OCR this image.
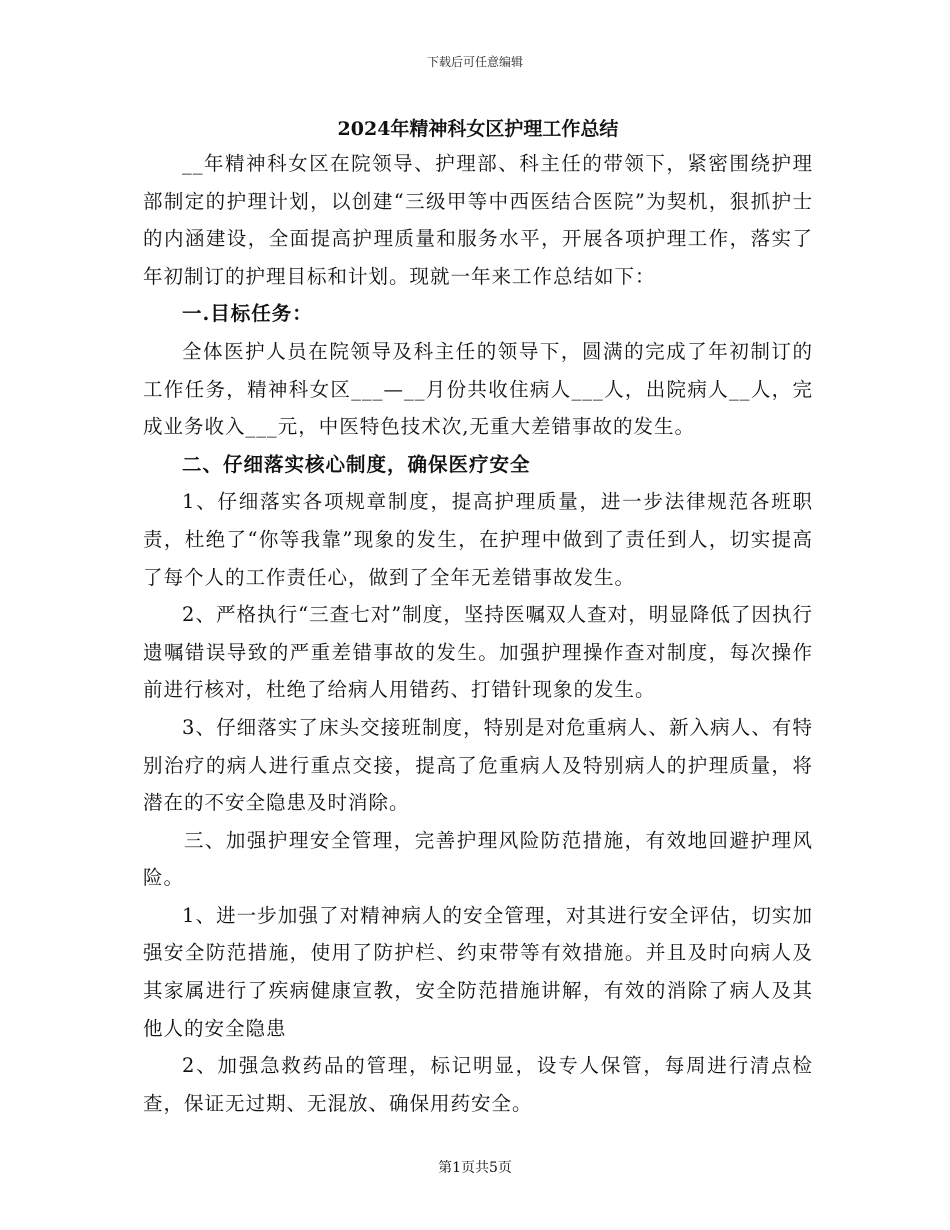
下载后可任意编辑
2024年精神科女区护理工作总结

__年精神科女区在院领导、护理部、科主任的带领下，紧密围绕护理部制定的护理计划，以创建“三级甲等中西医结合医院”为契机，狠抓护士的内涵建设，全面提高护理质量和服务水平，开展各项护理工作，落实了年初制订的护理目标和计划。现就一年来工作总结如下：

一.目标任务：

全体医护人员在院领导及科主任的领导下，圆满的完成了年初制订的工作任务，精神科女区___—__月份共收住病人___人，出院病人__人，完成业务收入___元，中医特色技术次,无重大差错事故的发生。

二、仔细落实核心制度，确保医疗安全

1、仔细落实各项规章制度，提高护理质量，进一步法律规范各班职责，杜绝了“你等我靠”现象的发生，在护理中做到了责任到人，切实提高了每个人的工作责任心，做到了全年无差错事故发生。

2、严格执行“三查七对”制度，坚持医嘱双人查对，明显降低了因执行遗嘱错误导致的严重差错事故的发生。加强护理操作查对制度，每次操作前进行核对，杜绝了给病人用错药、打错针现象的发生。

3、仔细落实了床头交接班制度，特别是对危重病人、新入病人、有特别治疗的病人进行重点交接，提高了危重病人及特别病人的护理质量，将潜在的不安全隐患及时消除。

三、加强护理安全管理，完善护理风险防范措施，有效地回避护理风险。

1、进一步加强了对精神病人的安全管理，对其进行安全评估，切实加强安全防范措施，使用了防护栏、约束带等有效措施。并且及时向病人及其家属进行了疾病健康宣教，安全防范措施讲解，有效的消除了病人及其他人的安全隐患

2、加强急救药品的管理，标记明显，设专人保管，每周进行清点检查，保证无过期、无混放、确保用药安全。

第1页共5页
